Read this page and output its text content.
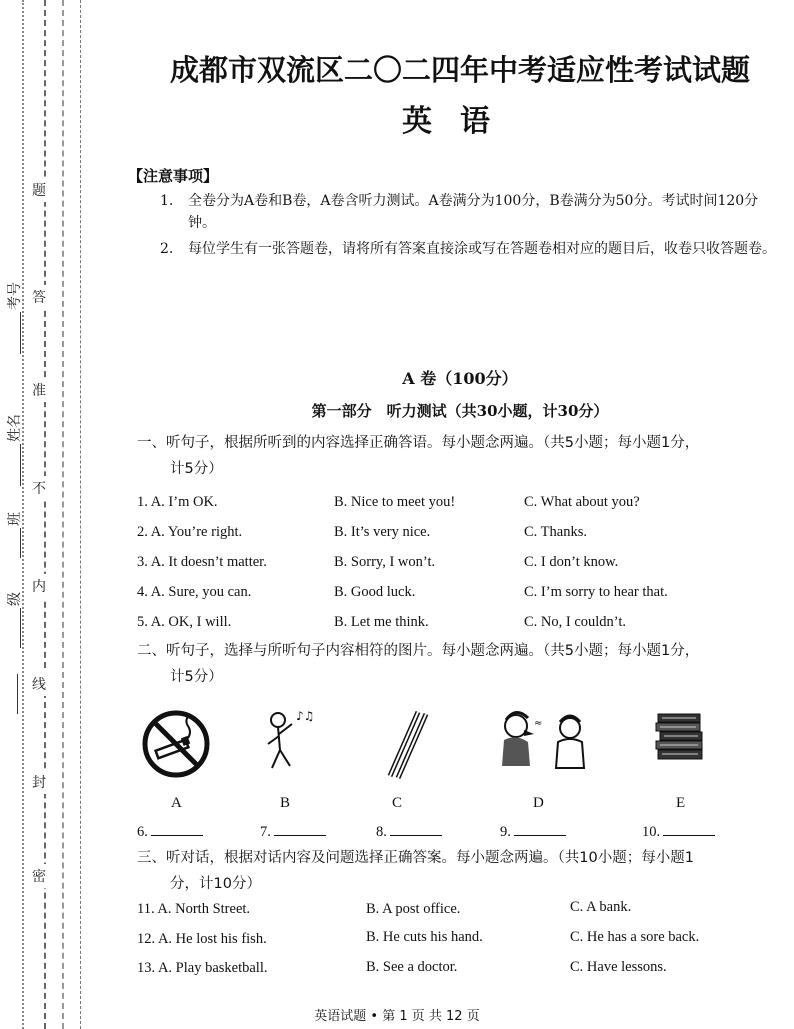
考号
姓名
班
级
答
题
准
不
内
线
封
密
成都市双流区二〇二四年中考适应性考试试题
英语
【注意事项】
1. 全卷分为A卷和B卷，A卷含听力测试。A卷满分为100分，B卷满分为50分。考试时间120分钟。
2. 每位学生有一张答题卷，请将所有答案直接涂或写在答题卷相对应的题目后，收卷只收答题卷。
A 卷（100分）
第一部分　听力测试（共30小题，计30分）
一、听句子，根据所听到的内容选择正确答语。每小题念两遍。（共5小题；每小题1分，
计5分）
1. A. I’m OK.	B. Nice to meet you!	C. What about you?
2. A. You’re right.	B. It’s very nice.	C. Thanks.
3. A. It doesn’t matter.	B. Sorry, I won’t.	C. I don’t know.
4. A. Sure, you can.	B. Good luck.	C. I’m sorry to hear that.
5. A. OK, I will.	B. Let me think.	C. No, I couldn’t.
二、听句子，选择与所听句子内容相符的图片。每小题念两遍。（共5小题；每小题1分，
计5分）
♪♫
≈
A	B	C	D	E
6.	7.	8.	9.	10.
三、听对话，根据对话内容及问题选择正确答案。每小题念两遍。（共10小题；每小题1
分，计10分）
11. A. North Street.	B. A post office.	C. A bank.
12. A. He lost his fish.	B. He cuts his hand.	C. He has a sore back.
13. A. Play basketball.	B. See a doctor.	C. Have lessons.
英语试题 • 第 1 页 共 12 页
